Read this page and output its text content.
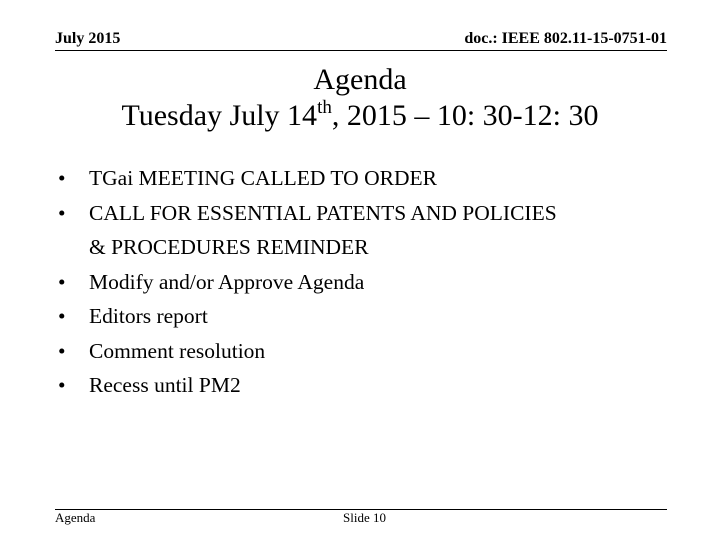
July 2015	doc.: IEEE 802.11-15-0751-01
Agenda
Tuesday July 14th, 2015 – 10: 30-12: 30
•	TGai MEETING CALLED TO ORDER
•	CALL FOR ESSENTIAL PATENTS AND POLICIES
& PROCEDURES REMINDER
•	Modify and/or Approve Agenda
•	Editors report
•	Comment resolution
•	Recess until PM2
Agenda	Slide 10
